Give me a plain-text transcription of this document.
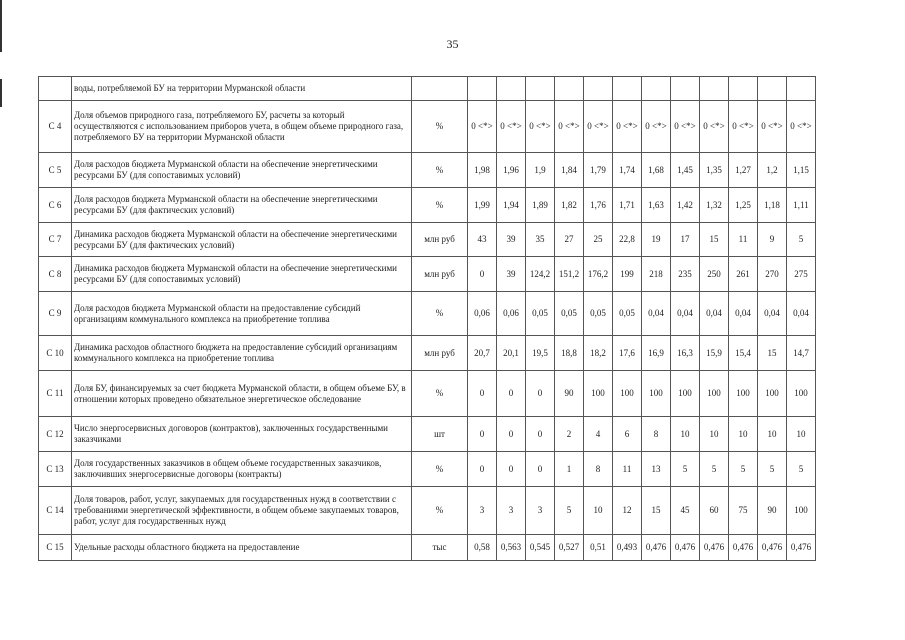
35
	воды, потребляемой БУ на территории Мурманской области													
С 4	Доля объемов природного газа, потребляемого БУ, расчеты за который осуществляются с использованием приборов учета, в общем объеме природного газа, потребляемого БУ на территории Мурманской области	%	0 <*>	0 <*>	0 <*>	0 <*>	0 <*>	0 <*>	0 <*>	0 <*>	0 <*>	0 <*>	0 <*>	0 <*>
С 5	Доля расходов бюджета Мурманской области на обеспечение энергетическими ресурсами БУ (для сопоставимых условий)	%	1,98	1,96	1,9	1,84	1,79	1,74	1,68	1,45	1,35	1,27	1,2	1,15
С 6	Доля расходов бюджета Мурманской области на обеспечение энергетическими ресурсами БУ (для фактических условий)	%	1,99	1,94	1,89	1,82	1,76	1,71	1,63	1,42	1,32	1,25	1,18	1,11
С 7	Динамика расходов бюджета Мурманской области на обеспечение энергетическими ресурсами БУ (для фактических условий)	млн руб	43	39	35	27	25	22,8	19	17	15	11	9	5
С 8	Динамика расходов бюджета Мурманской области на обеспечение энергетическими ресурсами БУ (для сопоставимых условий)	млн руб	0	39	124,2	151,2	176,2	199	218	235	250	261	270	275
С 9	Доля расходов бюджета Мурманской области на предоставление субсидий организациям коммунального комплекса на приобретение топлива	%	0,06	0,06	0,05	0,05	0,05	0,05	0,04	0,04	0,04	0,04	0,04	0,04
С 10	Динамика расходов областного бюджета на предоставление субсидий организациям коммунального комплекса на приобретение топлива	млн руб	20,7	20,1	19,5	18,8	18,2	17,6	16,9	16,3	15,9	15,4	15	14,7
С 11	Доля БУ, финансируемых за счет бюджета Мурманской области, в общем объеме БУ, в отношении которых проведено обязательное энергетическое обследование	%	0	0	0	90	100	100	100	100	100	100	100	100
С 12	Число энергосервисных договоров (контрактов), заключенных государственными заказчиками	шт	0	0	0	2	4	6	8	10	10	10	10	10
С 13	Доля государственных заказчиков в общем объеме государственных заказчиков, заключивших энергосервисные договоры (контракты)	%	0	0	0	1	8	11	13	5	5	5	5	5
С 14	Доля товаров, работ, услуг, закупаемых для государственных нужд в соответствии с требованиями энергетической эффективности, в общем объеме закупаемых товаров, работ, услуг для государственных нужд	%	3	3	3	5	10	12	15	45	60	75	90	100
С 15	Удельные расходы областного бюджета на предоставление	тыс	0,58	0,563	0,545	0,527	0,51	0,493	0,476	0,476	0,476	0,476	0,476	0,476
